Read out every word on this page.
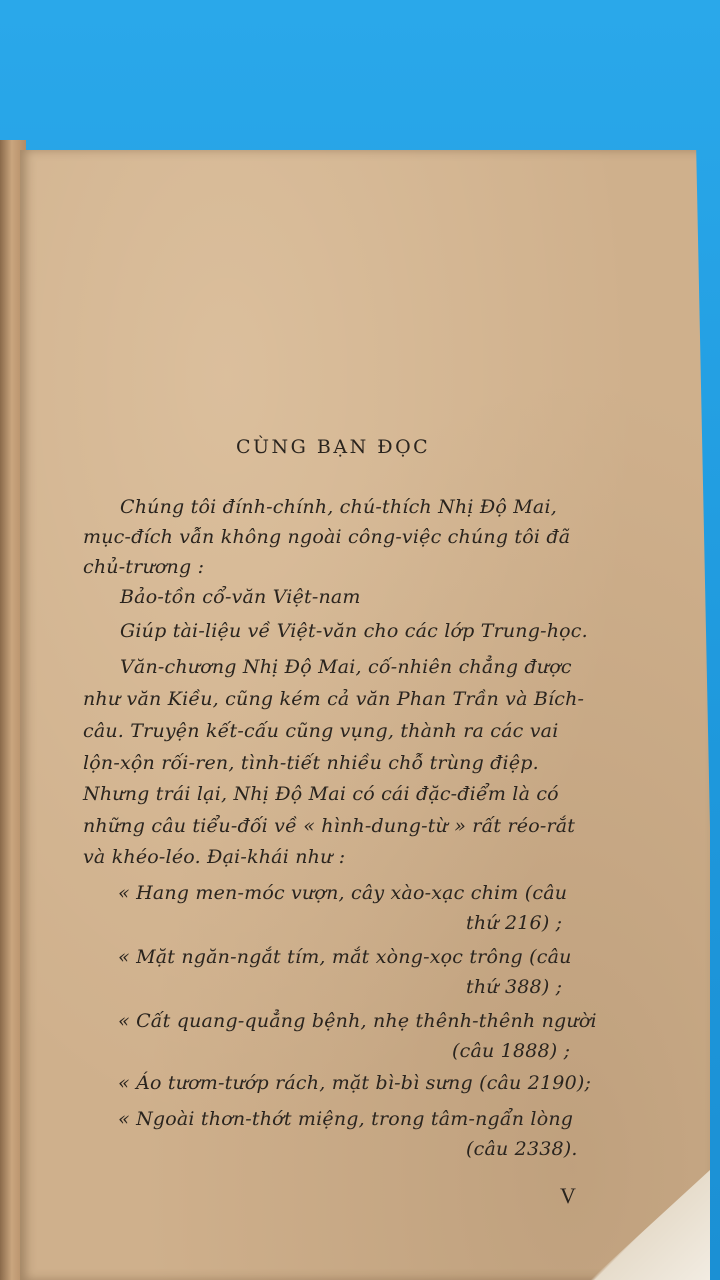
CÙNG BẠN ĐỌC
Chúng tôi đính-chính, chú-thích Nhị Độ Mai,
mục-đích vẫn không ngoài công-việc chúng tôi đã
chủ-trương :
Bảo-tồn cổ-văn Việt-nam
Giúp tài-liệu về Việt-văn cho các lớp Trung-học.
Văn-chương Nhị Độ Mai, cố-nhiên chẳng được
như văn Kiều, cũng kém cả văn Phan Trần và Bích-
câu. Truyện kết-cấu cũng vụng, thành ra các vai
lộn-xộn rối-ren, tình-tiết nhiều chỗ trùng điệp.
Nhưng trái lại, Nhị Độ Mai có cái đặc-điểm là có
những câu tiểu-đối về « hình-dung-từ » rất réo-rắt
và khéo-léo. Đại-khái như :
« Hang men-móc vượn, cây xào-xạc chim (câu
thứ 216) ;
« Mặt ngăn-ngắt tím, mắt xòng-xọc trông (câu
thứ 388) ;
« Cất quang-quẳng bệnh, nhẹ thênh-thênh người
(câu 1888) ;
« Áo tươm-tướp rách, mặt bì-bì sưng (câu 2190);
« Ngoài thơn-thớt miệng, trong tâm-ngẩn lòng
(câu 2338).
V
